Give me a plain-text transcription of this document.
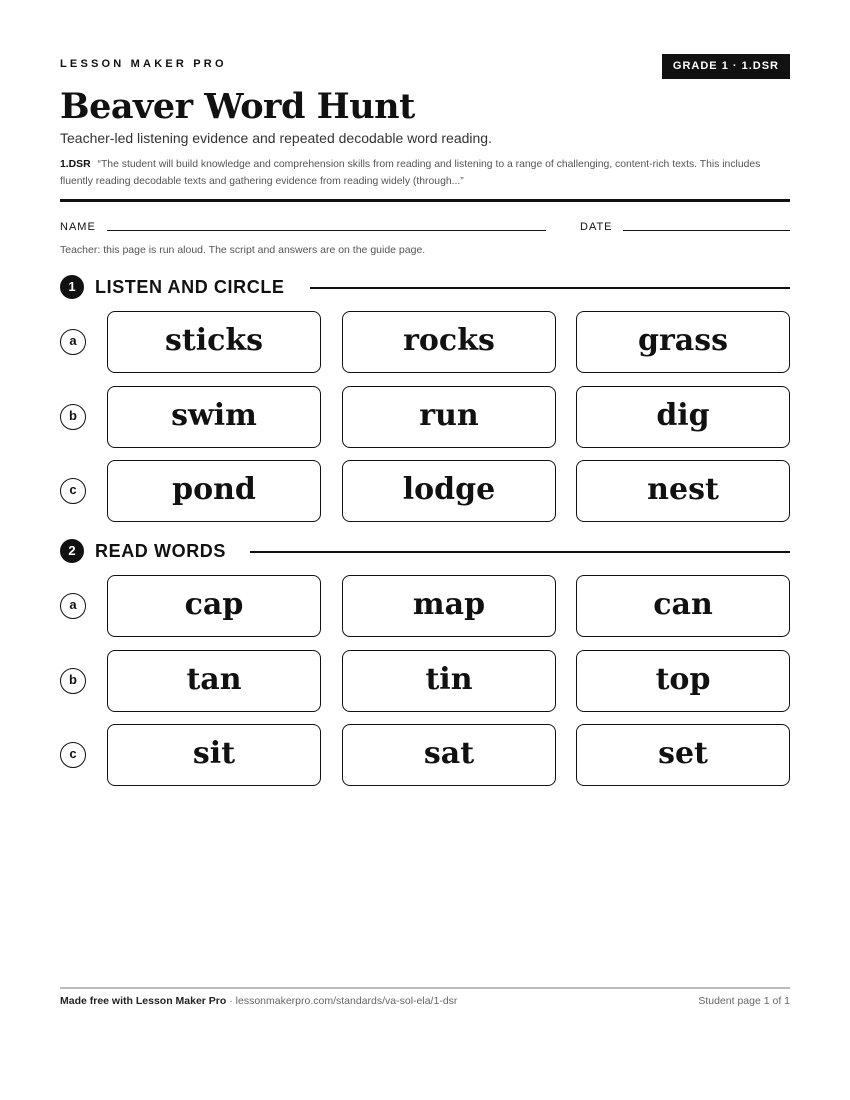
LESSON MAKER PRO	GRADE 1 · 1.DSR
Beaver Word Hunt
Teacher-led listening evidence and repeated decodable word reading.
1.DSR “The student will build knowledge and comprehension skills from reading and listening to a range of challenging, content-rich texts. This includes fluently reading decodable texts and gathering evidence from reading widely (through...”
NAME	DATE
Teacher: this page is run aloud. The script and answers are on the guide page.
1	LISTEN AND CIRCLE
a	sticks	rocks	grass
b	swim	run	dig
c	pond	lodge	nest
2	READ WORDS
a	cap	map	can
b	tan	tin	top
c	sit	sat	set
Made free with Lesson Maker Pro · lessonmakerpro.com/standards/va-sol-ela/1-dsr	Student page 1 of 1
